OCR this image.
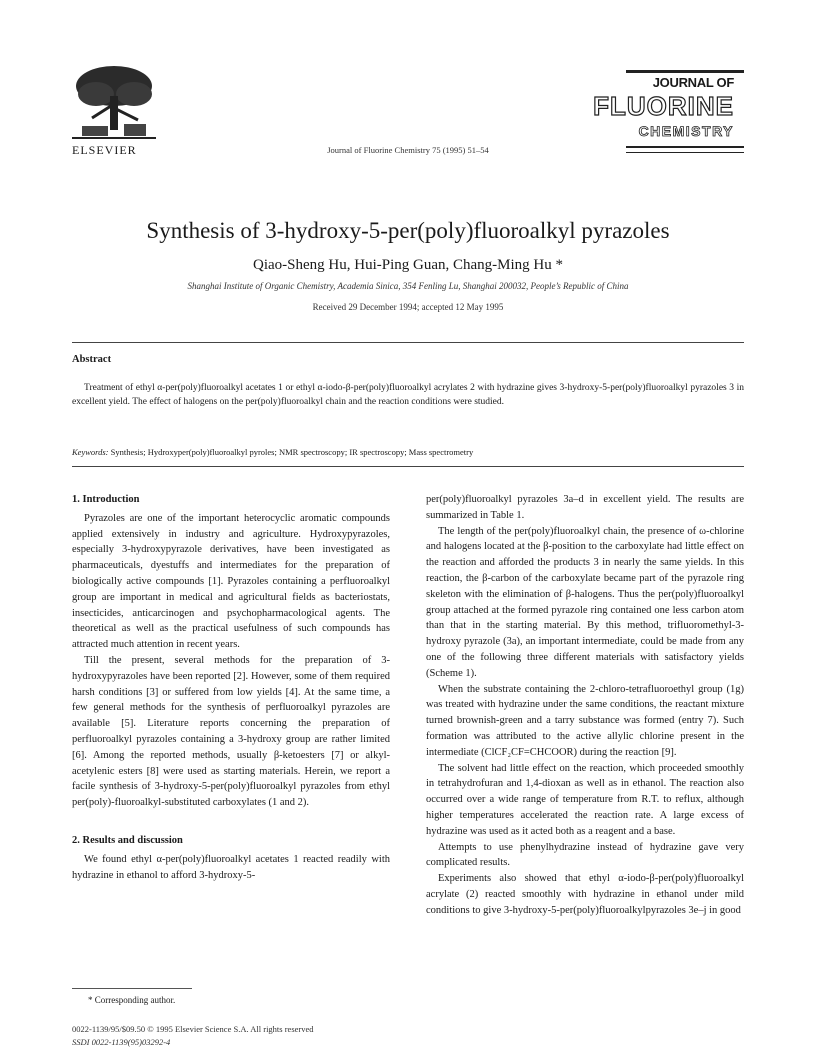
ELSEVIER	Journal of Fluorine Chemistry 75 (1995) 51–54
JOURNAL OF
FLUORINE
CHEMISTRY
Synthesis of 3-hydroxy-5-per(poly)fluoroalkyl pyrazoles
Qiao-Sheng Hu, Hui-Ping Guan, Chang-Ming Hu *
Shanghai Institute of Organic Chemistry, Academia Sinica, 354 Fenling Lu, Shanghai 200032, People’s Republic of China
Received 29 December 1994; accepted 12 May 1995
Abstract

Treatment of ethyl α-per(poly)fluoroalkyl acetates 1 or ethyl α-iodo-β-per(poly)fluoroalkyl acrylates 2 with hydrazine gives 3-hydroxy-5-per(poly)fluoroalkyl pyrazoles 3 in excellent yield. The effect of halogens on the per(poly)fluoroalkyl chain and the reaction conditions were studied.

Keywords: Synthesis; Hydroxyper(poly)fluoroalkyl pyroles; NMR spectroscopy; IR spectroscopy; Mass spectrometry
1. Introduction

Pyrazoles are one of the important heterocyclic aromatic compounds applied extensively in industry and agriculture. Hydroxypyrazoles, especially 3-hydroxypyrazole derivatives, have been investigated as pharmaceuticals, dyestuffs and intermediates for the preparation of biologically active compounds [1]. Pyrazoles containing a perfluoroalkyl group are important in medical and agricultural fields as bacteriostats, insecticides, anticarcinogen and psychopharmacological agents. The theoretical as well as the practical usefulness of such compounds has attracted much attention in recent years.

Till the present, several methods for the preparation of 3-hydroxypyrazoles have been reported [2]. However, some of them required harsh conditions [3] or suffered from low yields [4]. At the same time, a few general methods for the synthesis of perfluoroalkyl pyrazoles are available [5]. Literature reports concerning the preparation of perfluoroalkyl pyrazoles containing a 3-hydroxy group are rather limited [6]. Among the reported methods, usually β-ketoesters [7] or alkyl-acetylenic esters [8] were used as starting materials. Herein, we report a facile synthesis of 3-hydroxy-5-per(poly)fluoroalkyl pyrazoles from ethyl per(poly)-fluoroalkyl-substituted carboxylates (1 and 2).

2. Results and discussion

We found ethyl α-per(poly)fluoroalkyl acetates 1 reacted readily with hydrazine in ethanol to afford 3-hydroxy-5-

per(poly)fluoroalkyl pyrazoles 3a–d in excellent yield. The results are summarized in Table 1.

The length of the per(poly)fluoroalkyl chain, the presence of ω-chlorine and halogens located at the β-position to the carboxylate had little effect on the reaction and afforded the products 3 in nearly the same yields. In this reaction, the β-carbon of the carboxylate became part of the pyrazole ring skeleton with the elimination of β-halogens. Thus the per(poly)fluoroalkyl group attached at the formed pyrazole ring contained one less carbon atom than that in the starting material. By this method, trifluoromethyl-3-hydroxy pyrazole (3a), an important intermediate, could be made from any one of the following three different materials with satisfactory yields (Scheme 1).

When the substrate containing the 2-chloro-tetrafluoroethyl group (1g) was treated with hydrazine under the same conditions, the reactant mixture turned brownish-green and a tarry substance was formed (entry 7). Such formation was attributed to the active allylic chlorine present in the intermediate (ClCF₂CF=CHCOOR) during the reaction [9].

The solvent had little effect on the reaction, which proceeded smoothly in tetrahydrofuran and 1,4-dioxan as well as in ethanol. The reaction also occurred over a wide range of temperature from R.T. to reflux, although higher temperatures accelerated the reaction rate. A large excess of hydrazine was used as it acted both as a reagent and a base.

Attempts to use phenylhydrazine instead of hydrazine gave very complicated results.

Experiments also showed that ethyl α-iodo-β-per(poly)fluoroalkyl acrylate (2) reacted smoothly with hydrazine in ethanol under mild conditions to give 3-hydroxy-5-per(poly)fluoroalkylpyrazoles 3e–j in good

* Corresponding author.
0022-1139/95/$09.50 © 1995 Elsevier Science S.A. All rights reserved
SSDI 0022-1139(95)03292-4
